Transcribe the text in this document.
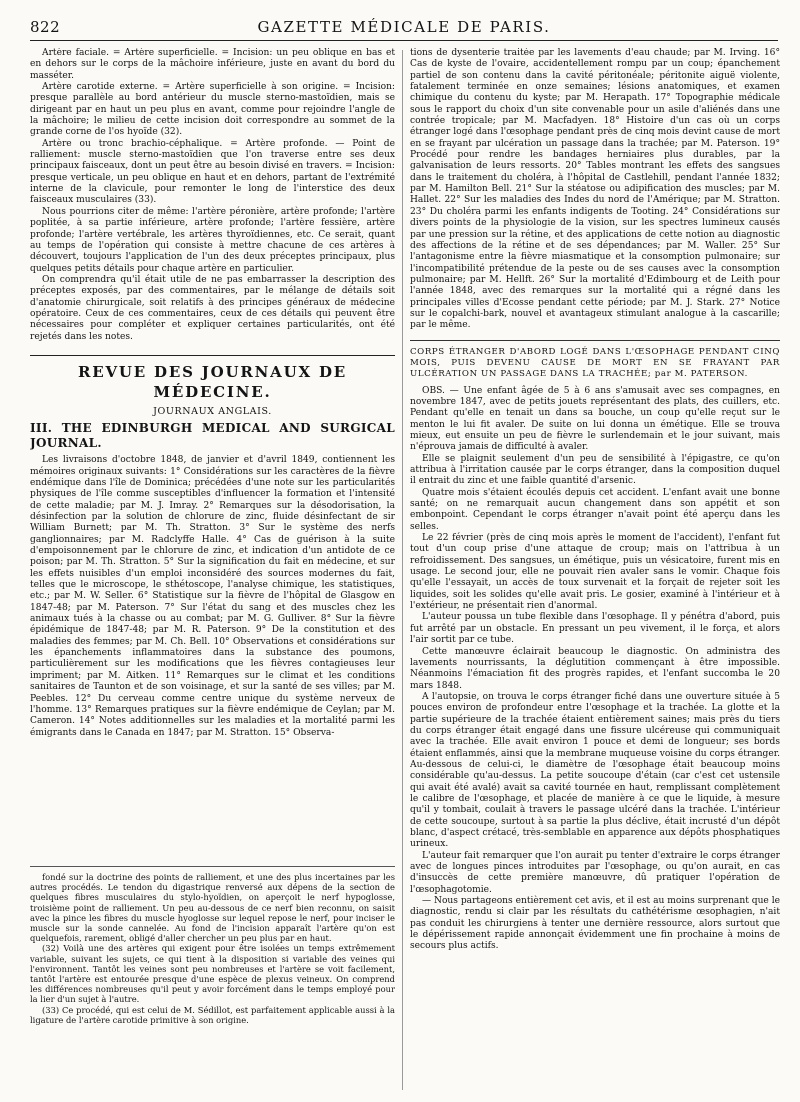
822	GAZETTE MÉDICALE DE PARIS.

Artère faciale. = Artère superficielle. = Incision: un peu oblique en bas et en dehors sur le corps de la mâchoire inférieure, juste en avant du bord du masséter.

Artère carotide externe. = Artère superficielle à son origine. = Incision: presque parallèle au bord antérieur du muscle sterno-mastoïdien, mais se dirigeant par en haut un peu plus en avant, comme pour rejoindre l'angle de la mâchoire; le milieu de cette incision doit correspondre au sommet de la grande corne de l'os hyoïde (32).

Artère ou tronc brachio-céphalique. = Artère profonde. — Point de ralliement: muscle sterno-mastoïdien que l'on traverse entre ses deux principaux faisceaux, dont un peut être au besoin divisé en travers. = Incision: presque verticale, un peu oblique en haut et en dehors, partant de l'extrémité interne de la clavicule, pour remonter le long de l'interstice des deux faisceaux musculaires (33).

Nous pourrions citer de même: l'artère péronière, artère profonde; l'artère poplitée, à sa partie inférieure, artère profonde; l'artère fessière, artère profonde; l'artère vertébrale, les artères thyroïdiennes, etc. Ce serait, quant au temps de l'opération qui consiste à mettre chacune de ces artères à découvert, toujours l'application de l'un des deux préceptes principaux, plus quelques petits détails pour chaque artère en particulier.

On comprendra qu'il était utile de ne pas embarrasser la description des préceptes exposés, par des commentaires, par le mélange de détails soit d'anatomie chirurgicale, soit relatifs à des principes généraux de médecine opératoire. Ceux de ces commentaires, ceux de ces détails qui peuvent être nécessaires pour compléter et expliquer certaines particularités, ont été rejetés dans les notes.

REVUE DES JOURNAUX DE MÉDECINE.
JOURNAUX ANGLAIS.
III. THE EDINBURGH MEDICAL AND SURGICAL JOURNAL.

Les livraisons d'octobre 1848, de janvier et d'avril 1849, contiennent les mémoires originaux suivants: 1° Considérations sur les caractères de la fièvre endémique dans l'île de Dominica; précédées d'une note sur les particularités physiques de l'île comme susceptibles d'influencer la formation et l'intensité de cette maladie; par M. J. Imray. 2° Remarques sur la désodorisation, la désinfection par la solution de chlorure de zinc, fluide désinfectant de sir William Burnett; par M. Th. Stratton. 3° Sur le système des nerfs ganglionnaires; par M. Radclyffe Halle. 4° Cas de guérison à la suite d'empoisonnement par le chlorure de zinc, et indication d'un antidote de ce poison; par M. Th. Stratton. 5° Sur la signification du fait en médecine, et sur les effets nuisibles d'un emploi inconsidéré des sources modernes du fait, telles que le microscope, le sthétoscope, l'analyse chimique, les statistiques, etc.; par M. W. Seller. 6° Statistique sur la fièvre de l'hôpital de Glasgow en 1847-48; par M. Paterson. 7° Sur l'état du sang et des muscles chez les animaux tués à la chasse ou au combat; par M. G. Gulliver. 8° Sur la fièvre épidémique de 1847-48; par M. R. Paterson. 9° De la constitution et des maladies des femmes; par M. Ch. Bell. 10° Observations et considérations sur les épanchements inflammatoires dans la substance des poumons, particulièrement sur les modifications que les fièvres contagieuses leur impriment; par M. Aitken. 11° Remarques sur le climat et les conditions sanitaires de Taunton et de son voisinage, et sur la santé de ses villes; par M. Peebles. 12° Du cerveau comme centre unique du système nerveux de l'homme. 13° Remarques pratiques sur la fièvre endémique de Ceylan; par M. Cameron. 14° Notes additionnelles sur les maladies et la mortalité parmi les émigrants dans le Canada en 1847; par M. Stratton. 15° Observa-

fondé sur la doctrine des points de ralliement, et une des plus incertaines par les autres procédés. Le tendon du digastrique renversé aux dépens de la section de quelques fibres musculaires du stylo-hyoïdien, on aperçoit le nerf hypoglosse, troisième point de ralliement. Un peu au-dessous de ce nerf bien reconnu, on saisit avec la pince les fibres du muscle hyoglosse sur lequel repose le nerf, pour inciser le muscle sur la sonde cannelée. Au fond de l'incision apparaît l'artère qu'on est quelquefois, rarement, obligé d'aller chercher un peu plus par en haut.

(32) Voilà une des artères qui exigent pour être isolées un temps extrêmement variable, suivant les sujets, ce qui tient à la disposition si variable des veines qui l'environnent. Tantôt les veines sont peu nombreuses et l'artère se voit facilement, tantôt l'artère est entourée presque d'une espèce de plexus veineux. On comprend les différences nombreuses qu'il peut y avoir forcément dans le temps employé pour la lier d'un sujet à l'autre.

(33) Ce procédé, qui est celui de M. Sédillot, est parfaitement applicable aussi à la ligature de l'artère carotide primitive à son origine.

tions de dysenterie traitée par les lavements d'eau chaude; par M. Irving. 16° Cas de kyste de l'ovaire, accidentellement rompu par un coup; épanchement partiel de son contenu dans la cavité péritonéale; péritonite aiguë violente, fatalement terminée en onze semaines; lésions anatomiques, et examen chimique du contenu du kyste; par M. Herapath. 17° Topographie médicale sous le rapport du choix d'un site convenable pour un asile d'aliénés dans une contrée tropicale; par M. Macfadyen. 18° Histoire d'un cas où un corps étranger logé dans l'œsophage pendant près de cinq mois devint cause de mort en se frayant par ulcération un passage dans la trachée; par M. Paterson. 19° Procédé pour rendre les bandages herniaires plus durables, par la galvanisation de leurs ressorts. 20° Tables montrant les effets des sangsues dans le traitement du choléra, à l'hôpital de Castlehill, pendant l'année 1832; par M. Hamilton Bell. 21° Sur la stéatose ou adipification des muscles; par M. Hallet. 22° Sur les maladies des Indes du nord de l'Amérique; par M. Stratton. 23° Du choléra parmi les enfants indigents de Tooting. 24° Considérations sur divers points de la physiologie de la vision, sur les spectres lumineux causés par une pression sur la rétine, et des applications de cette notion au diagnostic des affections de la rétine et de ses dépendances; par M. Waller. 25° Sur l'antagonisme entre la fièvre miasmatique et la consomption pulmonaire; sur l'incompatibilité prétendue de la peste ou de ses causes avec la consomption pulmonaire; par M. Hellft. 26° Sur la mortalité d'Edimbourg et de Leith pour l'année 1848, avec des remarques sur la mortalité qui a régné dans les principales villes d'Ecosse pendant cette période; par M. J. Stark. 27° Notice sur le copalchi-bark, nouvel et avantageux stimulant analogue à la cascarille; par le même.

CORPS ÉTRANGER D'ABORD LOGÉ DANS L'ŒSOPHAGE PENDANT CINQ MOIS, PUIS DEVENU CAUSE DE MORT EN SE FRAYANT PAR ULCÉRATION UN PASSAGE DANS LA TRACHÉE; par M. PATERSON.

OBS. — Une enfant âgée de 5 à 6 ans s'amusait avec ses compagnes, en novembre 1847, avec de petits jouets représentant des plats, des cuillers, etc. Pendant qu'elle en tenait un dans sa bouche, un coup qu'elle reçut sur le menton le lui fit avaler. De suite on lui donna un émétique. Elle se trouva mieux, eut ensuite un peu de fièvre le surlendemain et le jour suivant, mais n'éprouva jamais de difficulté à avaler.

Elle se plaignit seulement d'un peu de sensibilité à l'épigastre, ce qu'on attribua à l'irritation causée par le corps étranger, dans la composition duquel il entrait du zinc et une faible quantité d'arsenic.

Quatre mois s'étaient écoulés depuis cet accident. L'enfant avait une bonne santé; on ne remarquait aucun changement dans son appétit et son embonpoint. Cependant le corps étranger n'avait point été aperçu dans les selles.

Le 22 février (près de cinq mois après le moment de l'accident), l'enfant fut tout d'un coup prise d'une attaque de croup; mais on l'attribua à un refroidissement. Des sangsues, un émétique, puis un vésicatoire, furent mis en usage. Le second jour, elle ne pouvait rien avaler sans le vomir. Chaque fois qu'elle l'essayait, un accès de toux survenait et la forçait de rejeter soit les liquides, soit les solides qu'elle avait pris. Le gosier, examiné à l'intérieur et à l'extérieur, ne présentait rien d'anormal.

L'auteur poussa un tube flexible dans l'œsophage. Il y pénétra d'abord, puis fut arrêté par un obstacle. En pressant un peu vivement, il le força, et alors l'air sortit par ce tube.

Cette manœuvre éclairait beaucoup le diagnostic. On administra des lavements nourrissants, la déglutition commençant à être impossible. Néanmoins l'émaciation fit des progrès rapides, et l'enfant succomba le 20 mars 1848.

A l'autopsie, on trouva le corps étranger fiché dans une ouverture située à 5 pouces environ de profondeur entre l'œsophage et la trachée. La glotte et la partie supérieure de la trachée étaient entièrement saines; mais près du tiers du corps étranger était engagé dans une fissure ulcéreuse qui communiquait avec la trachée. Elle avait environ 1 pouce et demi de longueur; ses bords étaient enflammés, ainsi que la membrane muqueuse voisine du corps étranger. Au-dessous de celui-ci, le diamètre de l'œsophage était beaucoup moins considérable qu'au-dessus. La petite soucoupe d'étain (car c'est cet ustensile qui avait été avalé) avait sa cavité tournée en haut, remplissant complètement le calibre de l'œsophage, et placée de manière à ce que le liquide, à mesure qu'il y tombait, coulait à travers le passage ulcéré dans la trachée. L'intérieur de cette soucoupe, surtout à sa partie la plus déclive, était incrusté d'un dépôt blanc, d'aspect crétacé, très-semblable en apparence aux dépôts phosphatiques urineux.

L'auteur fait remarquer que l'on aurait pu tenter d'extraire le corps étranger avec de longues pinces introduites par l'œsophage, ou qu'on aurait, en cas d'insuccès de cette première manœuvre, dû pratiquer l'opération de l'œsophagotomie.

— Nous partageons entièrement cet avis, et il est au moins surprenant que le diagnostic, rendu si clair par les résultats du cathétérisme œsophagien, n'ait pas conduit les chirurgiens à tenter une dernière ressource, alors surtout que le dépérissement rapide annonçait évidemment une fin prochaine à moins de secours plus actifs.
